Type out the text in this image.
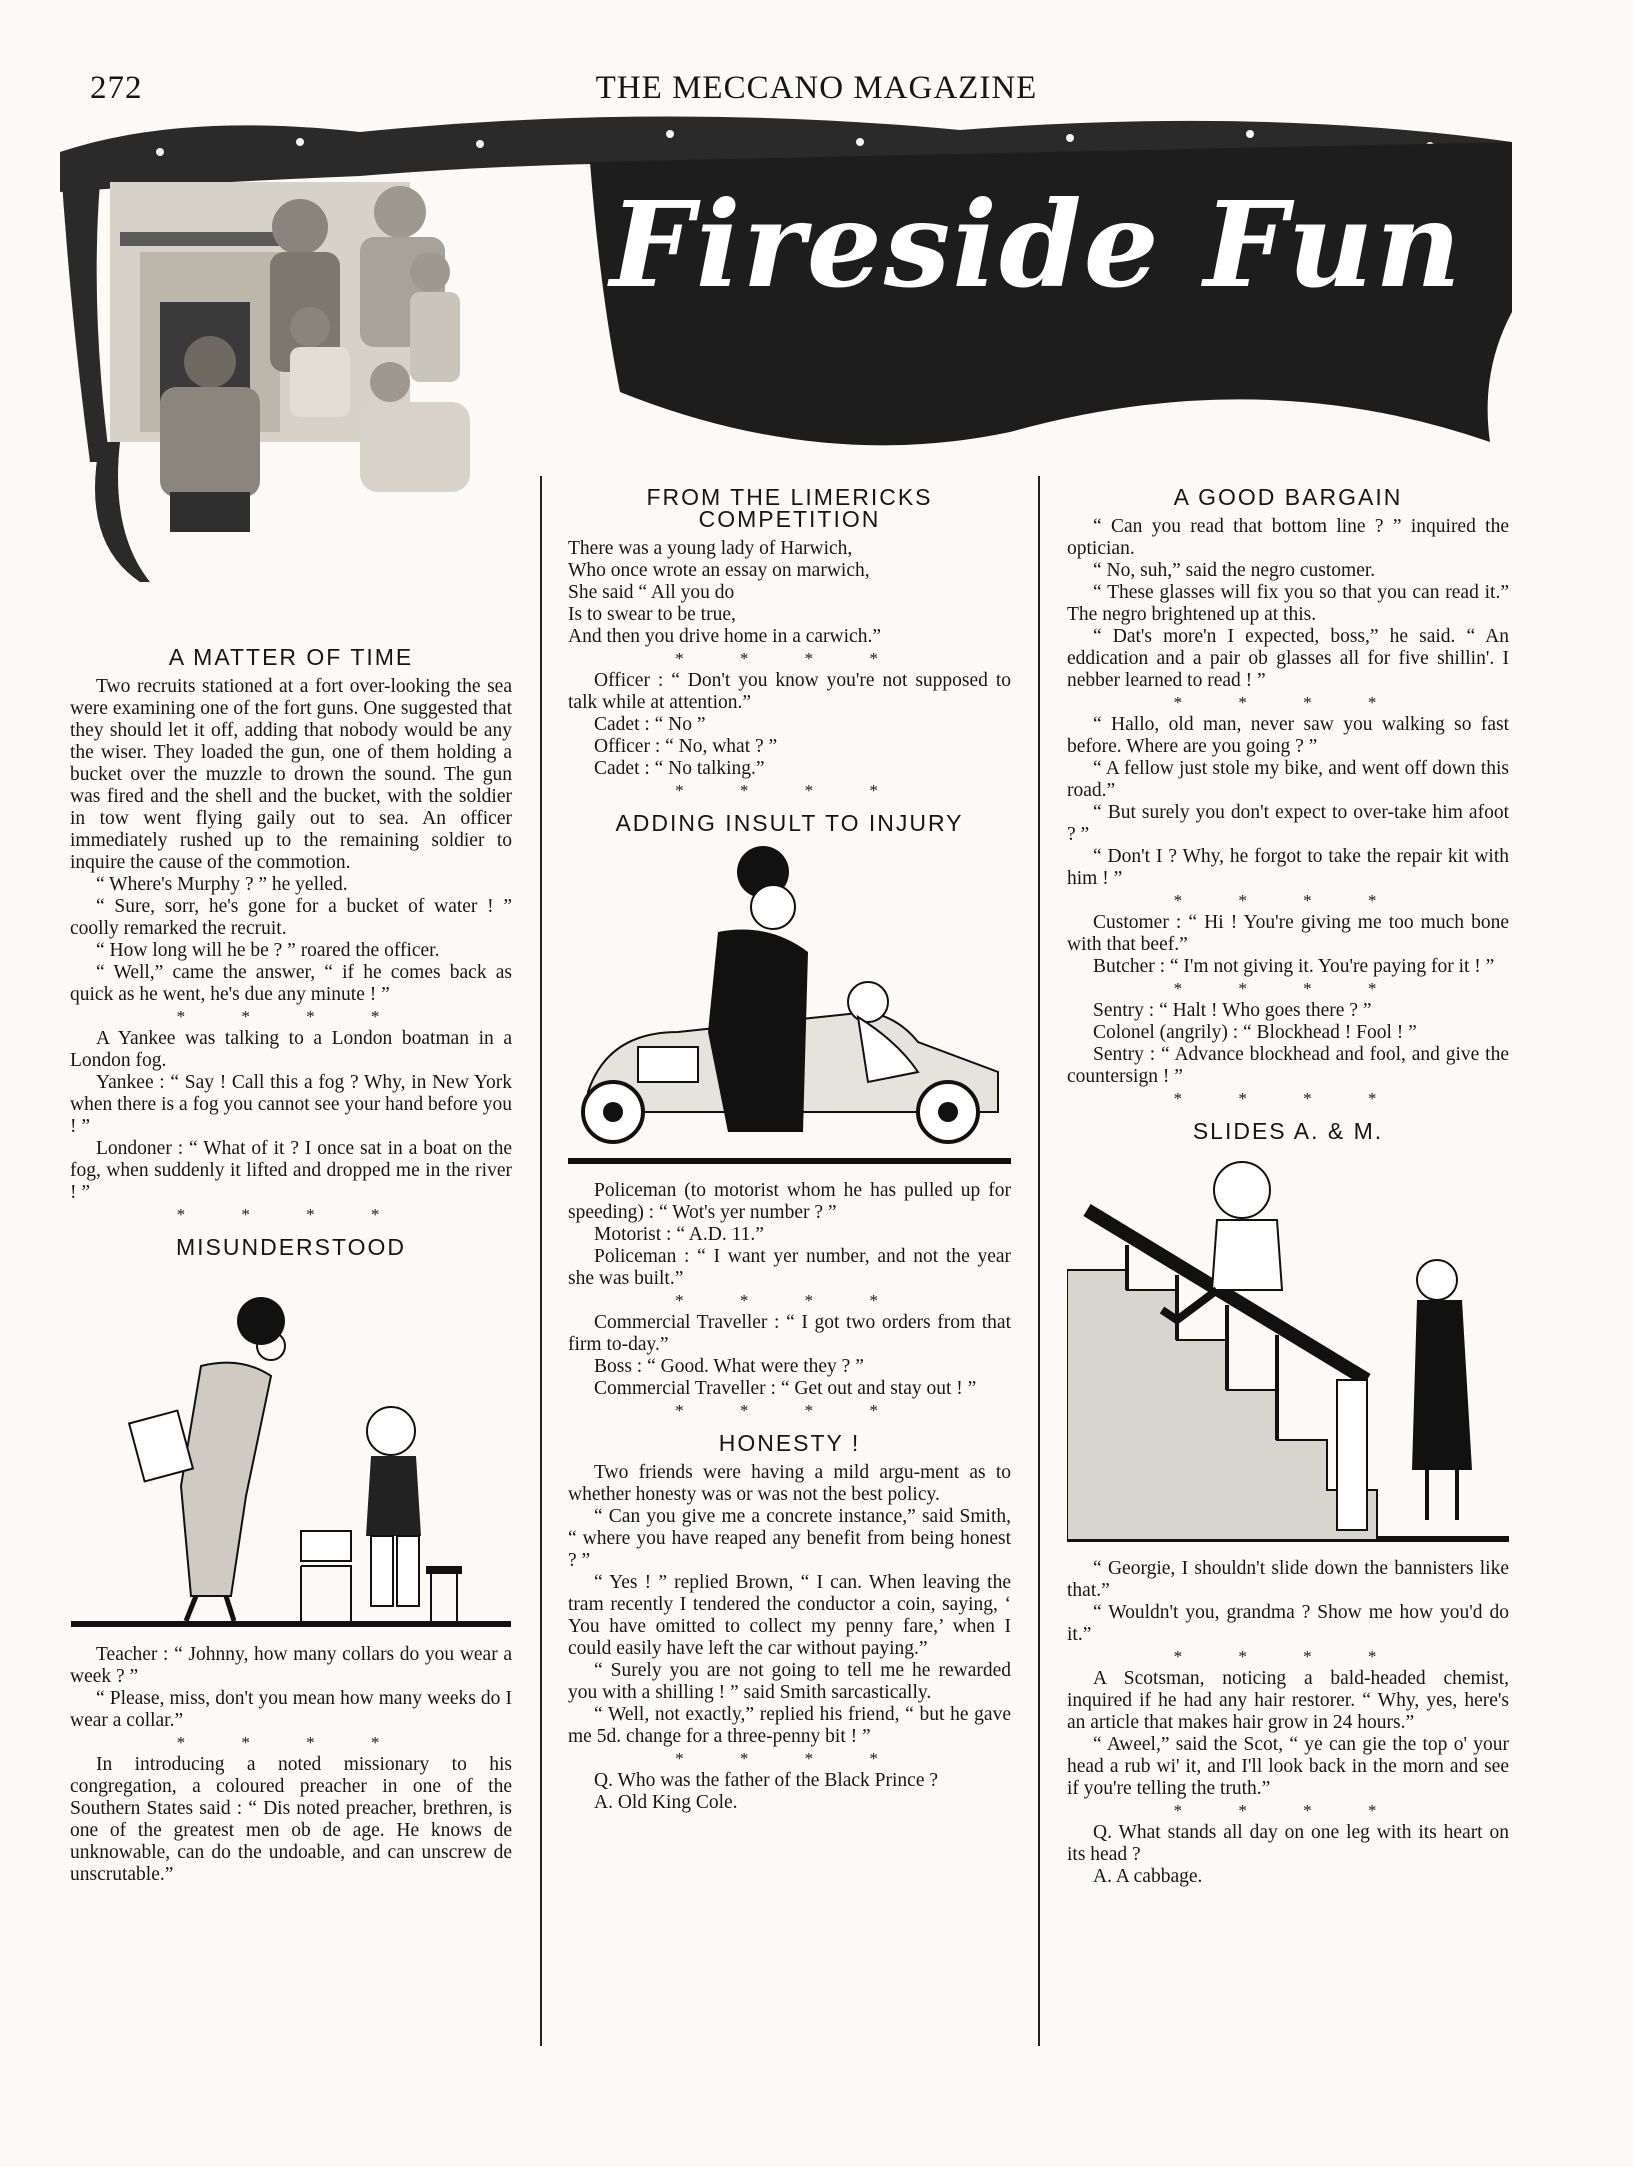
272	THE MECCANO MAGAZINE
Fireside Fun
A MATTER OF TIME

Two recruits stationed at a fort over-looking the sea were examining one of the fort guns. One suggested that they should let it off, adding that nobody would be any the wiser. They loaded the gun, one of them holding a bucket over the muzzle to drown the sound. The gun was fired and the shell and the bucket, with the soldier in tow went flying gaily out to sea. An officer immediately rushed up to the remaining soldier to inquire the cause of the commotion.

“ Where's Murphy ? ” he yelled.

“ Sure, sorr, he's gone for a bucket of water ! ” coolly remarked the recruit.

“ How long will he be ? ” roared the officer.

“ Well,” came the answer, “ if he comes back as quick as he went, he's due any minute ! ”

* * * *

A Yankee was talking to a London boatman in a London fog.

Yankee : “ Say ! Call this a fog ? Why, in New York when there is a fog you cannot see your hand before you ! ”

Londoner : “ What of it ? I once sat in a boat on the fog, when suddenly it lifted and dropped me in the river ! ”

* * * *

MISUNDERSTOOD

Teacher : “ Johnny, how many collars do you wear a week ? ”

“ Please, miss, don't you mean how many weeks do I wear a collar.”

* * * *

In introducing a noted missionary to his congregation, a coloured preacher in one of the Southern States said : “ Dis noted preacher, brethren, is one of the greatest men ob de age. He knows de unknowable, can do the undoable, and can unscrew de unscrutable.”

FROM THE LIMERICKS
COMPETITION

There was a young lady of Harwich,

Who once wrote an essay on marwich,

She said “ All you do

Is to swear to be true,

And then you drive home in a carwich.”

* * * *

Officer : “ Don't you know you're not supposed to talk while at attention.”

Cadet : “ No ”

Officer : “ No, what ? ”

Cadet : “ No talking.”

* * * *

ADDING INSULT TO INJURY

Policeman (to motorist whom he has pulled up for speeding) : “ Wot's yer number ? ”

Motorist : “ A.D. 11.”

Policeman : “ I want yer number, and not the year she was built.”

* * * *

Commercial Traveller : “ I got two orders from that firm to-day.”

Boss : “ Good. What were they ? ”

Commercial Traveller : “ Get out and stay out ! ”

* * * *

HONESTY !

Two friends were having a mild argu-ment as to whether honesty was or was not the best policy.

“ Can you give me a concrete instance,” said Smith, “ where you have reaped any benefit from being honest ? ”

“ Yes ! ” replied Brown, “ I can. When leaving the tram recently I tendered the conductor a coin, saying, ‘ You have omitted to collect my penny fare,’ when I could easily have left the car without paying.”

“ Surely you are not going to tell me he rewarded you with a shilling ! ” said Smith sarcastically.

“ Well, not exactly,” replied his friend, “ but he gave me 5d. change for a three-penny bit ! ”

* * * *

Q. Who was the father of the Black Prince ?

A. Old King Cole.

A GOOD BARGAIN

“ Can you read that bottom line ? ” inquired the optician.

“ No, suh,” said the negro customer.

“ These glasses will fix you so that you can read it.” The negro brightened up at this.

“ Dat's more'n I expected, boss,” he said. “ An eddication and a pair ob glasses all for five shillin'. I nebber learned to read ! ”

* * * *

“ Hallo, old man, never saw you walking so fast before. Where are you going ? ”

“ A fellow just stole my bike, and went off down this road.”

“ But surely you don't expect to over-take him afoot ? ”

“ Don't I ? Why, he forgot to take the repair kit with him ! ”

* * * *

Customer : “ Hi ! You're giving me too much bone with that beef.”

Butcher : “ I'm not giving it. You're paying for it ! ”

* * * *

Sentry : “ Halt ! Who goes there ? ”

Colonel (angrily) : “ Blockhead ! Fool ! ”

Sentry : “ Advance blockhead and fool, and give the countersign ! ”

* * * *

SLIDES A. & M.

“ Georgie, I shouldn't slide down the bannisters like that.”

“ Wouldn't you, grandma ? Show me how you'd do it.”

* * * *

A Scotsman, noticing a bald-headed chemist, inquired if he had any hair restorer. “ Why, yes, here's an article that makes hair grow in 24 hours.”

“ Aweel,” said the Scot, “ ye can gie the top o' your head a rub wi' it, and I'll look back in the morn and see if you're telling the truth.”

* * * *

Q. What stands all day on one leg with its heart on its head ?

A. A cabbage.
